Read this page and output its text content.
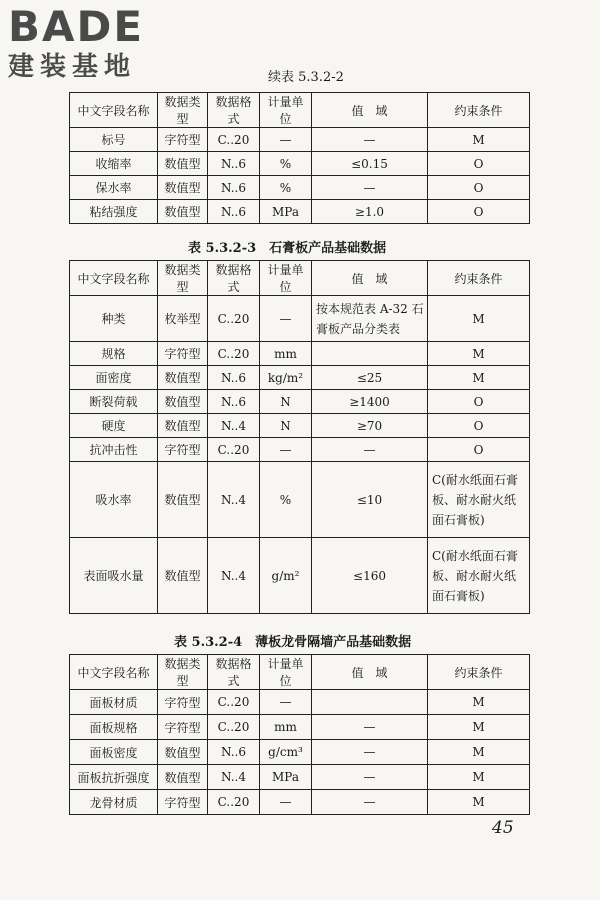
BADE
建装基地	续表 5.3.2-2
中文字段名称	数据类型	数据格式	计量单位	值　域	约束条件
标号	字符型	C..20	—	—	M
收缩率	数值型	N..6	%	≤0.15	O
保水率	数值型	N..6	%	—	O
粘结强度	数值型	N..6	MPa	≥1.0	O
表 5.3.2-3　石膏板产品基础数据
中文字段名称	数据类型	数据格式	计量单位	值　域	约束条件
种类	枚举型	C..20	—	按本规范表 A-32 石膏板产品分类表	M
规格	字符型	C..20	mm		M
面密度	数值型	N..6	kg/m²	≤25	M
断裂荷载	数值型	N..6	N	≥1400	O
硬度	数值型	N..4	N	≥70	O
抗冲击性	字符型	C..20	—	—	O
吸水率	数值型	N..4	%	≤10	C(耐水纸面石膏板、耐水耐火纸面石膏板)
表面吸水量	数值型	N..4	g/m²	≤160	C(耐水纸面石膏板、耐水耐火纸面石膏板)
表 5.3.2-4　薄板龙骨隔墙产品基础数据
中文字段名称	数据类型	数据格式	计量单位	值　域	约束条件
面板材质	字符型	C..20	—		M
面板规格	字符型	C..20	mm	—	M
面板密度	数值型	N..6	g/cm³	—	M
面板抗折强度	数值型	N..4	MPa	—	M
龙骨材质	字符型	C..20	—	—	M
45
